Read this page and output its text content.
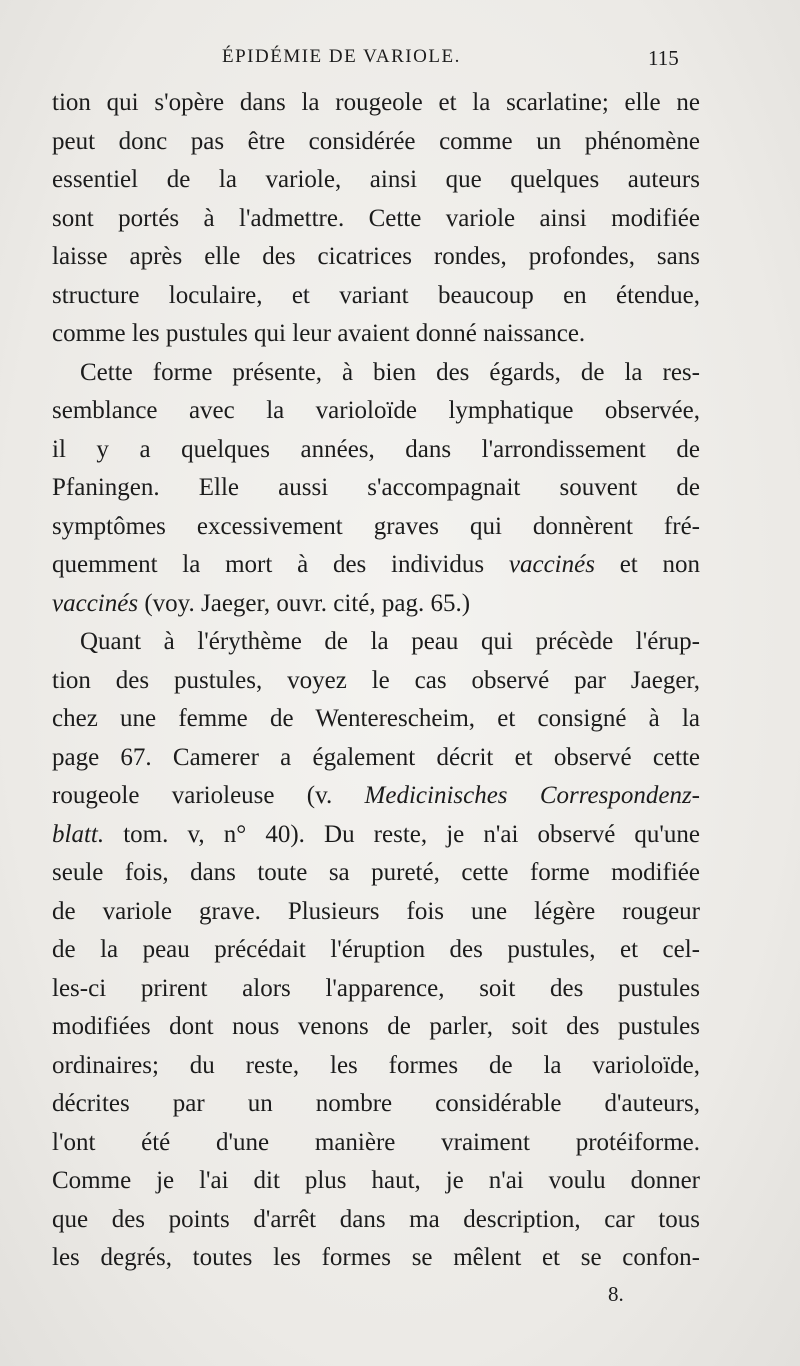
ÉPIDÉMIE DE VARIOLE.	115
tion qui s'opère dans la rougeole et la scarlatine; elle ne
peut donc pas être considérée comme un phénomène
essentiel de la variole, ainsi que quelques auteurs
sont portés à l'admettre. Cette variole ainsi modifiée
laisse après elle des cicatrices rondes, profondes, sans
structure loculaire, et variant beaucoup en étendue,
comme les pustules qui leur avaient donné naissance.
Cette forme présente, à bien des égards, de la res-
semblance avec la varioloïde lymphatique observée,
il y a quelques années, dans l'arrondissement de
Pfaningen. Elle aussi s'accompagnait souvent de
symptômes excessivement graves qui donnèrent fré-
quemment la mort à des individus vaccinés et non
vaccinés (voy. Jaeger, ouvr. cité, pag. 65.)
Quant à l'érythème de la peau qui précède l'érup-
tion des pustules, voyez le cas observé par Jaeger,
chez une femme de Wenterescheim, et consigné à la
page 67. Camerer a également décrit et observé cette
rougeole varioleuse (v. Medicinisches Correspondenz-
blatt. tom. v, n° 40). Du reste, je n'ai observé qu'une
seule fois, dans toute sa pureté, cette forme modifiée
de variole grave. Plusieurs fois une légère rougeur
de la peau précédait l'éruption des pustules, et cel-
les-ci prirent alors l'apparence, soit des pustules
modifiées dont nous venons de parler, soit des pustules
ordinaires; du reste, les formes de la varioloïde,
décrites par un nombre considérable d'auteurs,
l'ont été d'une manière vraiment protéiforme.
Comme je l'ai dit plus haut, je n'ai voulu donner
que des points d'arrêt dans ma description, car tous
les degrés, toutes les formes se mêlent et se confon-
8.
